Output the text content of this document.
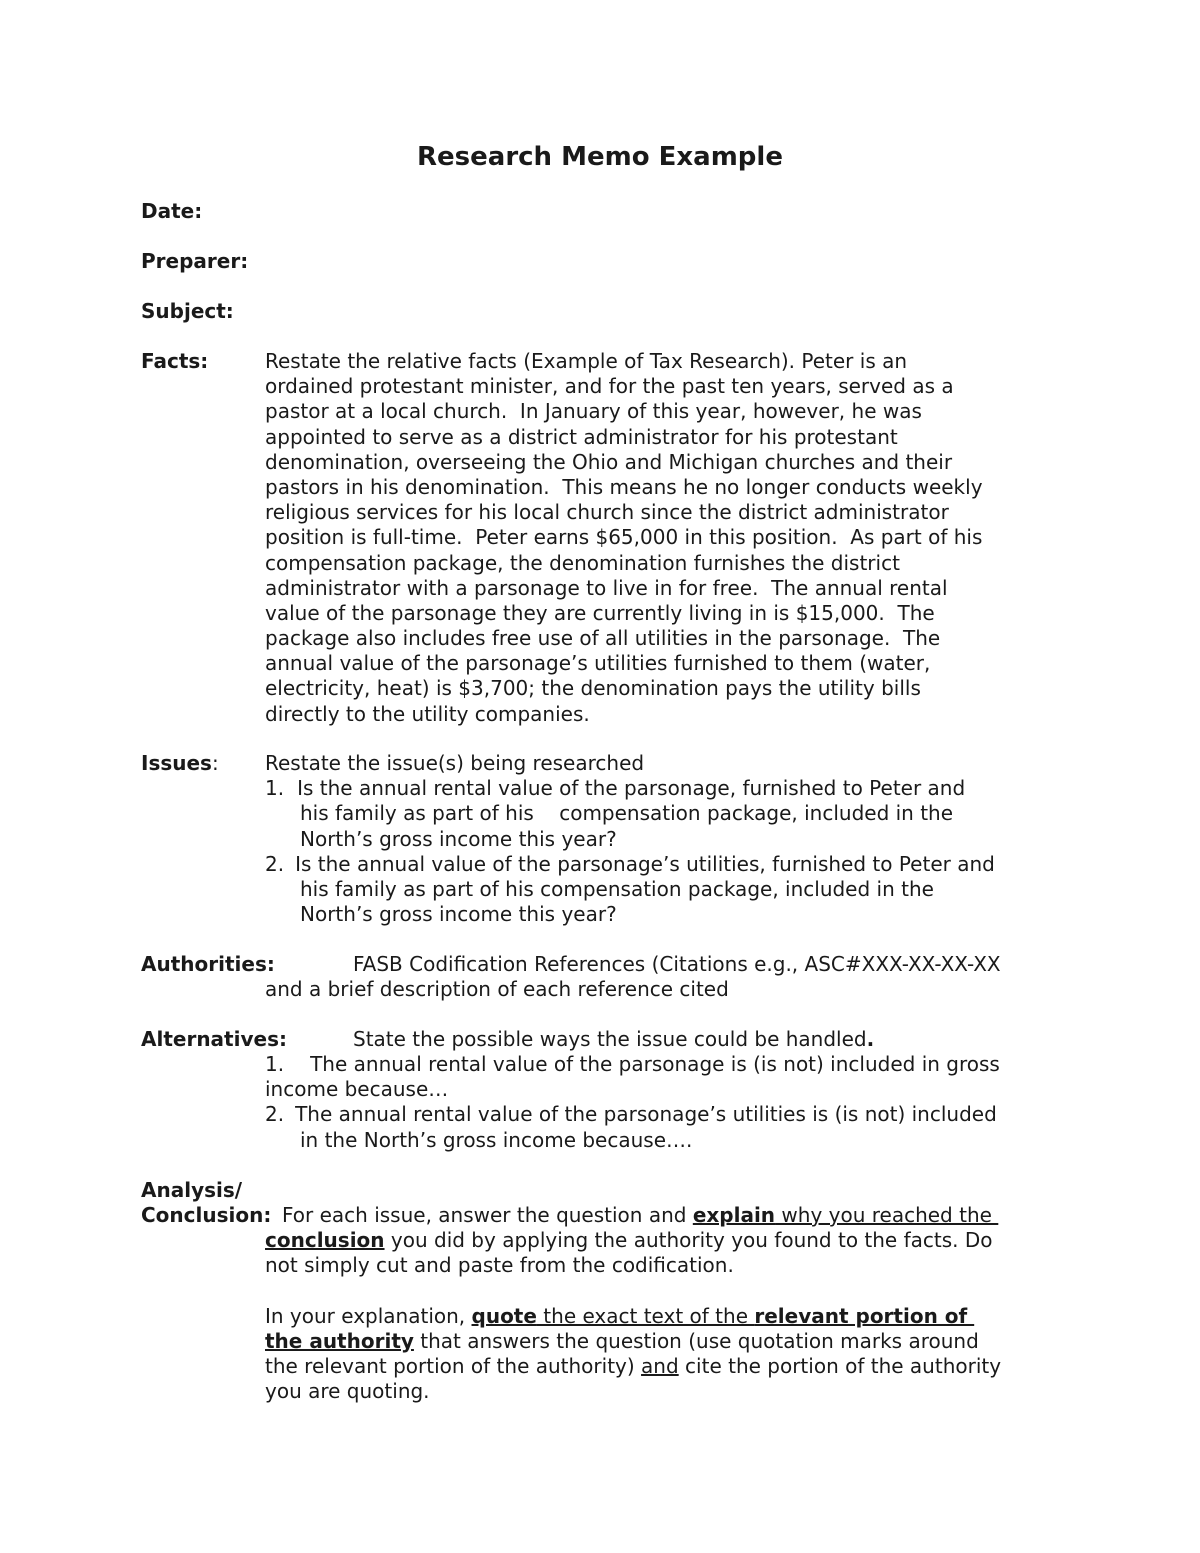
Research Memo Example
Date:
Preparer:
Subject:
Facts:	Restate the relative facts (Example of Tax Research). Peter is an
ordained protestant minister, and for the past ten years, served as a
pastor at a local church.  In January of this year, however, he was
appointed to serve as a district administrator for his protestant
denomination, overseeing the Ohio and Michigan churches and their
pastors in his denomination.  This means he no longer conducts weekly
religious services for his local church since the district administrator
position is full-time.  Peter earns $65,000 in this position.  As part of his
compensation package, the denomination furnishes the district
administrator with a parsonage to live in for free.  The annual rental
value of the parsonage they are currently living in is $15,000.  The
package also includes free use of all utilities in the parsonage.  The
annual value of the parsonage’s utilities furnished to them (water,
electricity, heat) is $3,700; the denomination pays the utility bills
directly to the utility companies.
Issues: Restate the issue(s) being researched
1. Is the annual rental value of the parsonage, furnished to Peter and
his family as part of his    compensation package, included in the
North’s gross income this year?
2. Is the annual value of the parsonage’s utilities, furnished to Peter and
his family as part of his compensation package, included in the
North’s gross income this year?
Authorities:	FASB Codification References (Citations e.g., ASC#XXX-XX-XX-XX
and a brief description of each reference cited
Alternatives:	State the possible ways the issue could be handled.
1. The annual rental value of the parsonage is (is not) included in gross
income because…
2. The annual rental value of the parsonage’s utilities is (is not) included
in the North’s gross income because….
Analysis/
Conclusion: For each issue, answer the question and explain why you reached the
conclusion you did by applying the authority you found to the facts. Do
not simply cut and paste from the codification.
In your explanation, quote the exact text of the relevant portion of
the authority that answers the question (use quotation marks around
the relevant portion of the authority) and cite the portion of the authority
you are quoting.
